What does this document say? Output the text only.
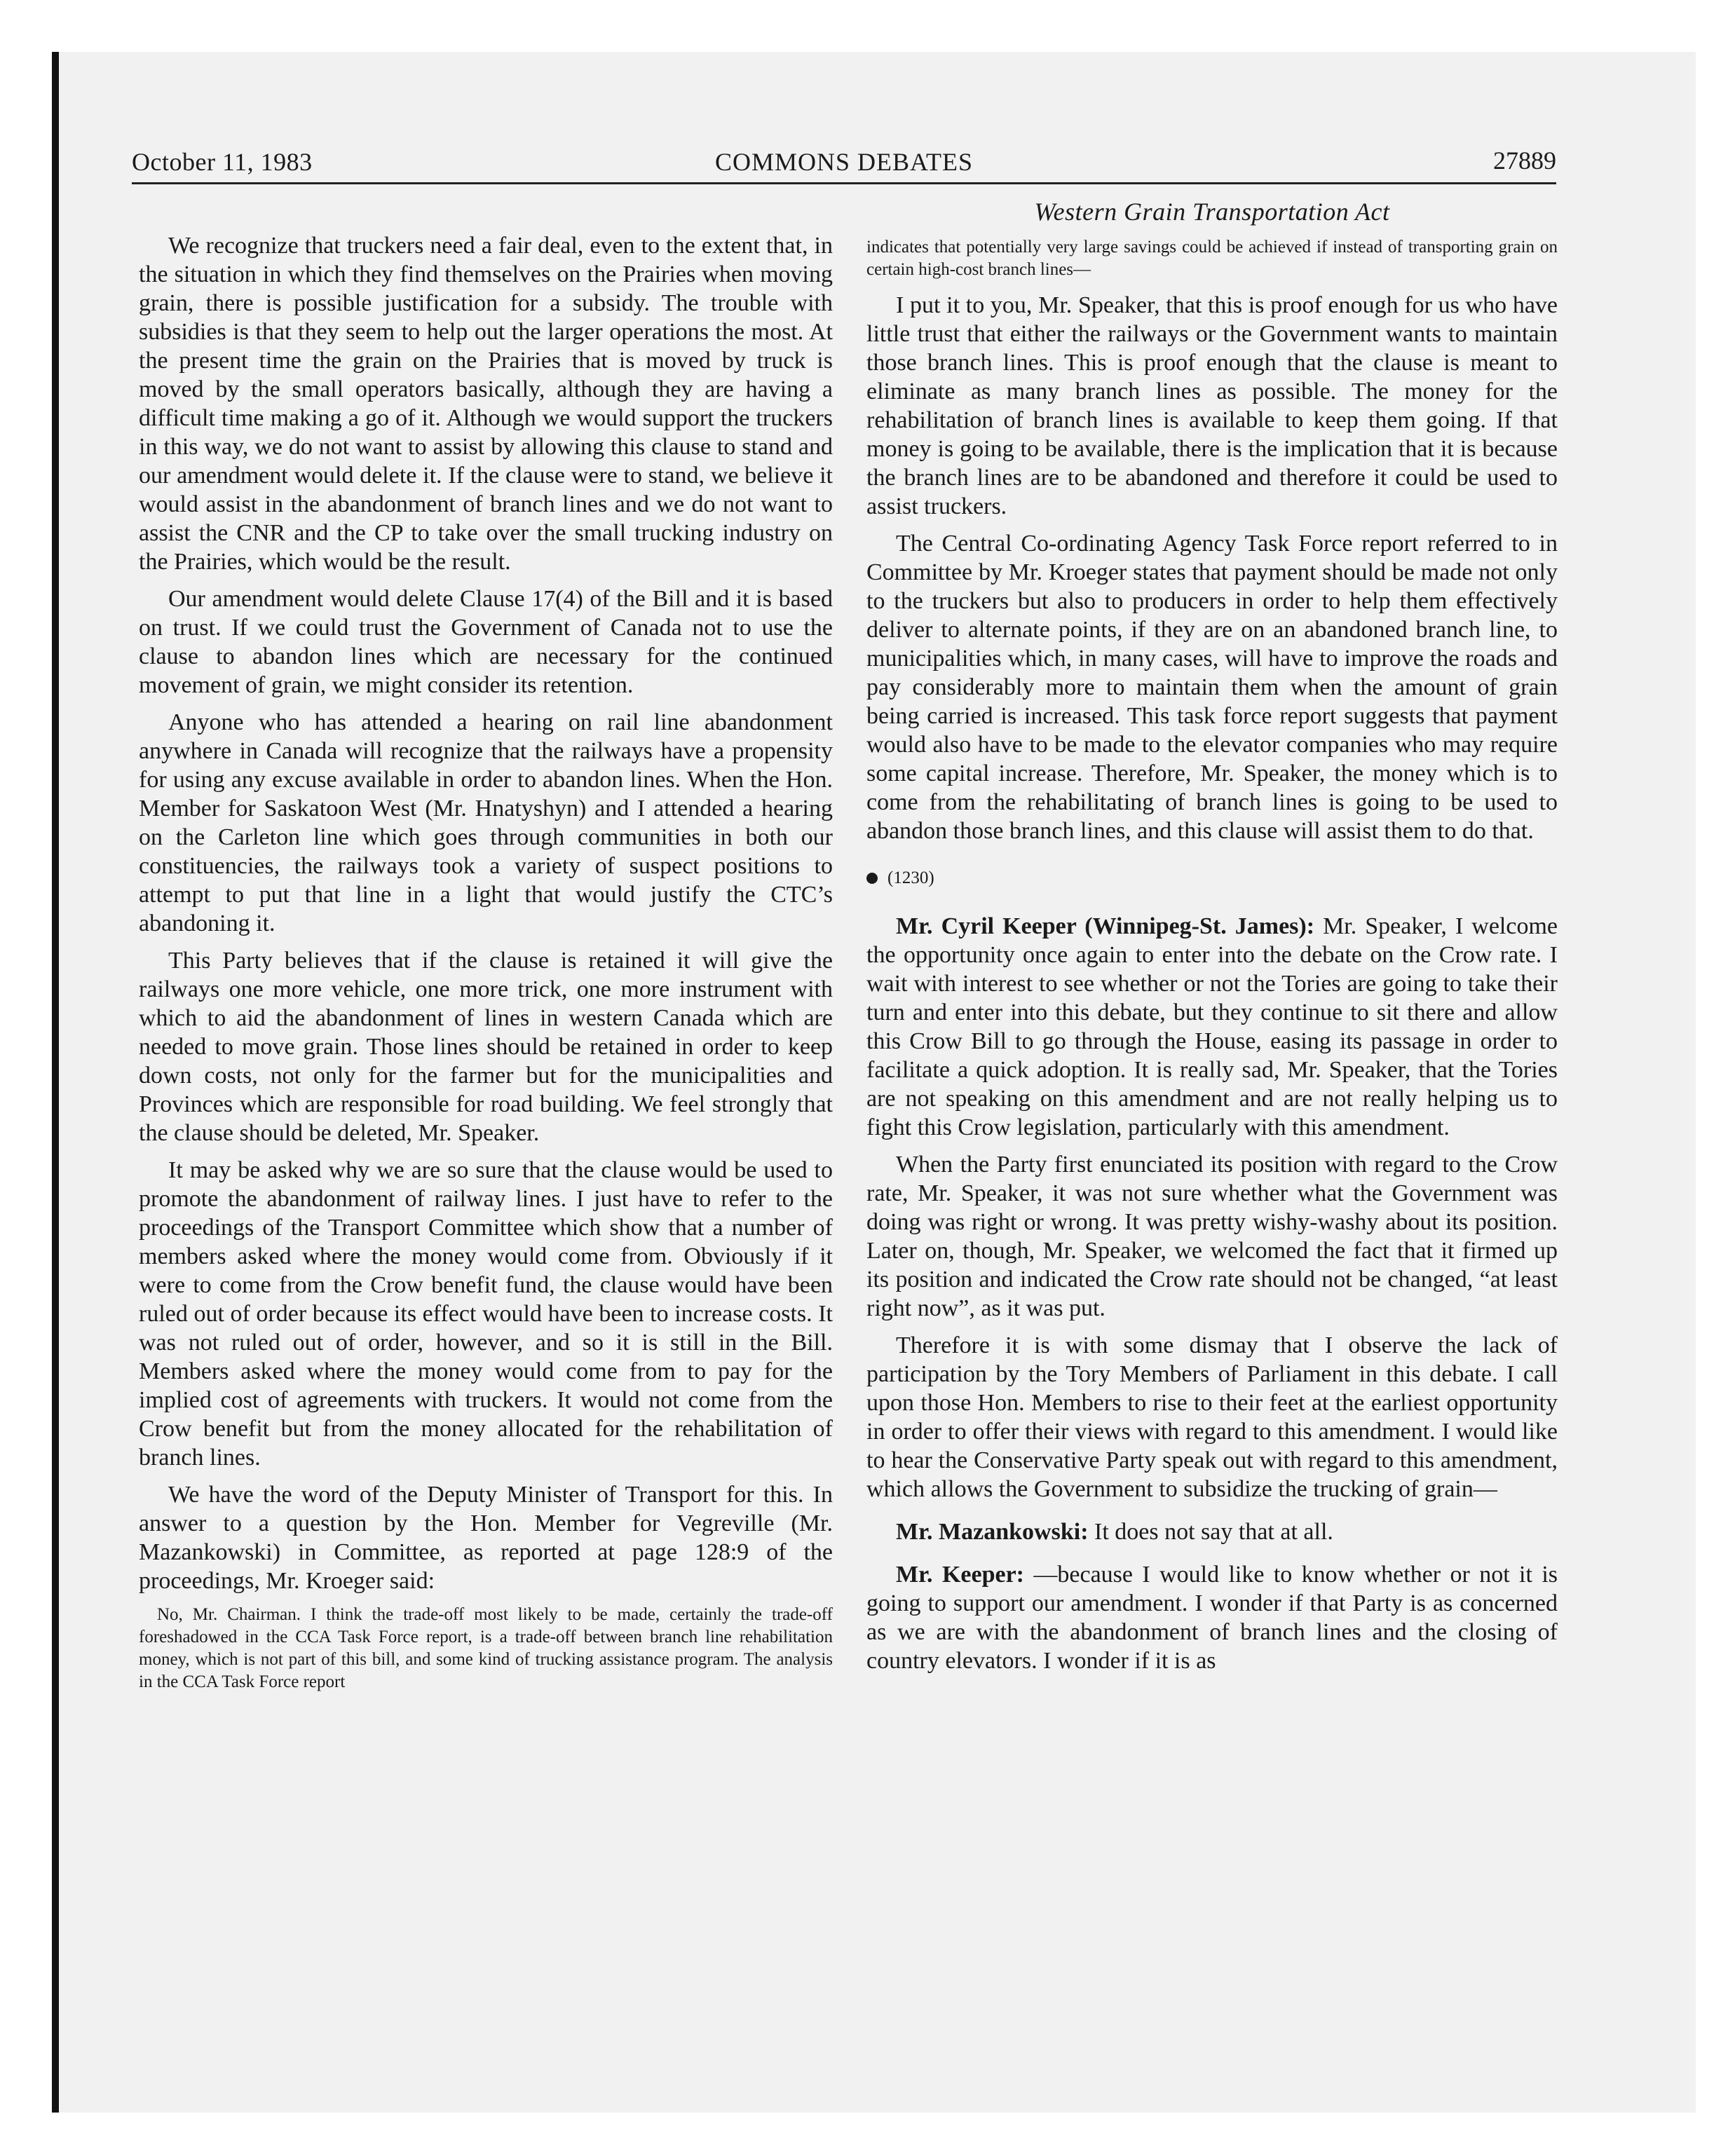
October 11, 1983	COMMONS DEBATES	27889

We recognize that truckers need a fair deal, even to the extent that, in the situation in which they find themselves on the Prairies when moving grain, there is possible justification for a subsidy. The trouble with subsidies is that they seem to help out the larger operations the most. At the present time the grain on the Prairies that is moved by truck is moved by the small operators basically, although they are having a difficult time making a go of it. Although we would support the truckers in this way, we do not want to assist by allowing this clause to stand and our amendment would delete it. If the clause were to stand, we believe it would assist in the abandonment of branch lines and we do not want to assist the CNR and the CP to take over the small trucking industry on the Prairies, which would be the result.

Our amendment would delete Clause 17(4) of the Bill and it is based on trust. If we could trust the Government of Canada not to use the clause to abandon lines which are necessary for the continued movement of grain, we might consider its retention.

Anyone who has attended a hearing on rail line abandonment anywhere in Canada will recognize that the railways have a propensity for using any excuse available in order to abandon lines. When the Hon. Member for Saskatoon West (Mr. Hnatyshyn) and I attended a hearing on the Carleton line which goes through communities in both our constituencies, the railways took a variety of suspect positions to attempt to put that line in a light that would justify the CTC’s abandoning it.

This Party believes that if the clause is retained it will give the railways one more vehicle, one more trick, one more instrument with which to aid the abandonment of lines in western Canada which are needed to move grain. Those lines should be retained in order to keep down costs, not only for the farmer but for the municipalities and Provinces which are responsible for road building. We feel strongly that the clause should be deleted, Mr. Speaker.

It may be asked why we are so sure that the clause would be used to promote the abandonment of railway lines. I just have to refer to the proceedings of the Transport Committee which show that a number of members asked where the money would come from. Obviously if it were to come from the Crow benefit fund, the clause would have been ruled out of order because its effect would have been to increase costs. It was not ruled out of order, however, and so it is still in the Bill. Members asked where the money would come from to pay for the implied cost of agreements with truckers. It would not come from the Crow benefit but from the money allocated for the rehabilitation of branch lines.

We have the word of the Deputy Minister of Transport for this. In answer to a question by the Hon. Member for Vegreville (Mr. Mazankowski) in Committee, as reported at page 128:9 of the proceedings, Mr. Kroeger said:

No, Mr. Chairman. I think the trade-off most likely to be made, certainly the trade-off foreshadowed in the CCA Task Force report, is a trade-off between branch line rehabilitation money, which is not part of this bill, and some kind of trucking assistance program. The analysis in the CCA Task Force report

Western Grain Transportation Act

indicates that potentially very large savings could be achieved if instead of transporting grain on certain high-cost branch lines—

I put it to you, Mr. Speaker, that this is proof enough for us who have little trust that either the railways or the Government wants to maintain those branch lines. This is proof enough that the clause is meant to eliminate as many branch lines as possible. The money for the rehabilitation of branch lines is available to keep them going. If that money is going to be available, there is the implication that it is because the branch lines are to be abandoned and therefore it could be used to assist truckers.

The Central Co-ordinating Agency Task Force report referred to in Committee by Mr. Kroeger states that payment should be made not only to the truckers but also to producers in order to help them effectively deliver to alternate points, if they are on an abandoned branch line, to municipalities which, in many cases, will have to improve the roads and pay considerably more to maintain them when the amount of grain being carried is increased. This task force report suggests that payment would also have to be made to the elevator companies who may require some capital increase. Therefore, Mr. Speaker, the money which is to come from the rehabilitating of branch lines is going to be used to abandon those branch lines, and this clause will assist them to do that.

(1230)

Mr. Cyril Keeper (Winnipeg-St. James): Mr. Speaker, I welcome the opportunity once again to enter into the debate on the Crow rate. I wait with interest to see whether or not the Tories are going to take their turn and enter into this debate, but they continue to sit there and allow this Crow Bill to go through the House, easing its passage in order to facilitate a quick adoption. It is really sad, Mr. Speaker, that the Tories are not speaking on this amendment and are not really helping us to fight this Crow legislation, particularly with this amendment.

When the Party first enunciated its position with regard to the Crow rate, Mr. Speaker, it was not sure whether what the Government was doing was right or wrong. It was pretty wishy-washy about its position. Later on, though, Mr. Speaker, we welcomed the fact that it firmed up its position and indicated the Crow rate should not be changed, “at least right now”, as it was put.

Therefore it is with some dismay that I observe the lack of participation by the Tory Members of Parliament in this debate. I call upon those Hon. Members to rise to their feet at the earliest opportunity in order to offer their views with regard to this amendment. I would like to hear the Conservative Party speak out with regard to this amendment, which allows the Government to subsidize the trucking of grain—

Mr. Mazankowski: It does not say that at all.

Mr. Keeper: —because I would like to know whether or not it is going to support our amendment. I wonder if that Party is as concerned as we are with the abandonment of branch lines and the closing of country elevators. I wonder if it is as
